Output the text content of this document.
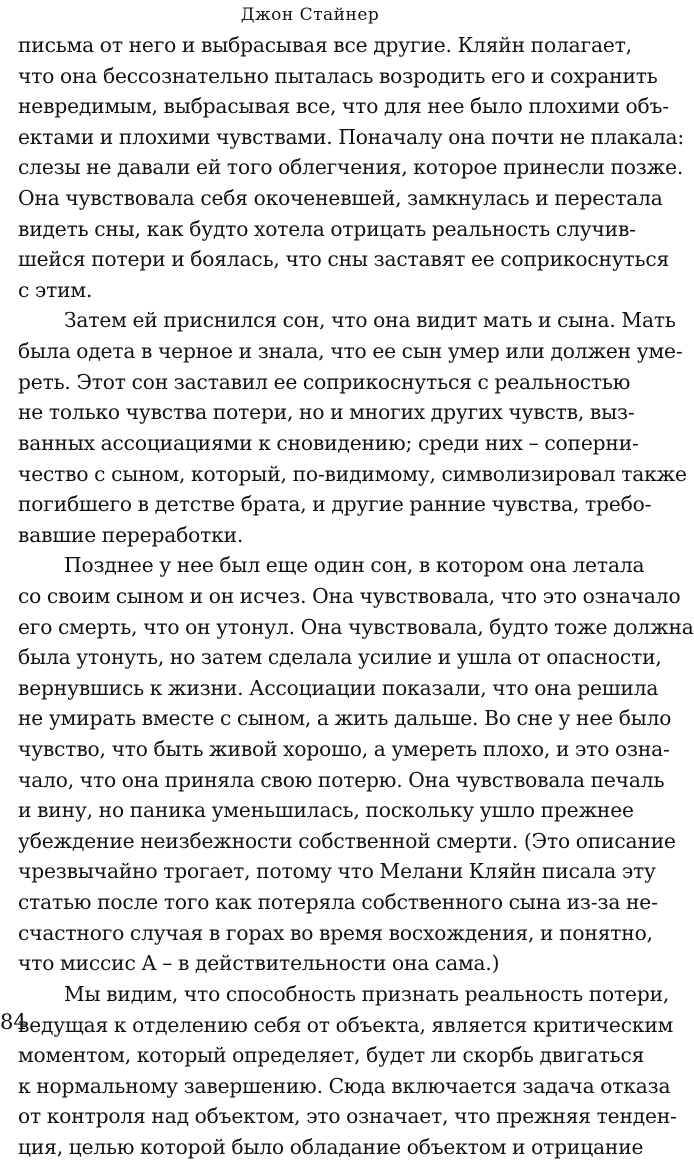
Джон Стайнер
письма от него и выбрасывая все другие. Кляйн полагает,
что она бессознательно пыталась возродить его и сохранить
невредимым, выбрасывая все, что для нее было плохими объ-
ектами и плохими чувствами. Поначалу она почти не плакала:
слезы не давали ей того облегчения, которое принесли позже.
Она чувствовала себя окоченевшей, замкнулась и перестала
видеть сны, как будто хотела отрицать реальность случив-
шейся потери и боялась, что сны заставят ее соприкоснуться
с этим.
Затем ей приснился сон, что она видит мать и сына. Мать
была одета в черное и знала, что ее сын умер или должен уме-
реть. Этот сон заставил ее соприкоснуться с реальностью
не только чувства потери, но и многих других чувств, выз-
ванных ассоциациями к сновидению; среди них – соперни-
чество с сыном, который, по-видимому, символизировал также
погибшего в детстве брата, и другие ранние чувства, требо-
вавшие переработки.
Позднее у нее был еще один сон, в котором она летала
со своим сыном и он исчез. Она чувствовала, что это означало
его смерть, что он утонул. Она чувствовала, будто тоже должна
была утонуть, но затем сделала усилие и ушла от опасности,
вернувшись к жизни. Ассоциации показали, что она решила
не умирать вместе с сыном, а жить дальше. Во сне у нее было
чувство, что быть живой хорошо, а умереть плохо, и это озна-
чало, что она приняла свою потерю. Она чувствовала печаль
и вину, но паника уменьшилась, поскольку ушло прежнее
убеждение неизбежности собственной смерти. (Это описание
чрезвычайно трогает, потому что Мелани Кляйн писала эту
статью после того как потеряла собственного сына из-за не-
счастного случая в горах во время восхождения, и понятно,
что миссис А – в действительности она сама.)
Мы видим, что способность признать реальность потери,
ведущая к отделению себя от объекта, является критическим
моментом, который определяет, будет ли скорбь двигаться
к нормальному завершению. Сюда включается задача отказа
от контроля над объектом, это означает, что прежняя тенден-
ция, целью которой было обладание объектом и отрицание
84
